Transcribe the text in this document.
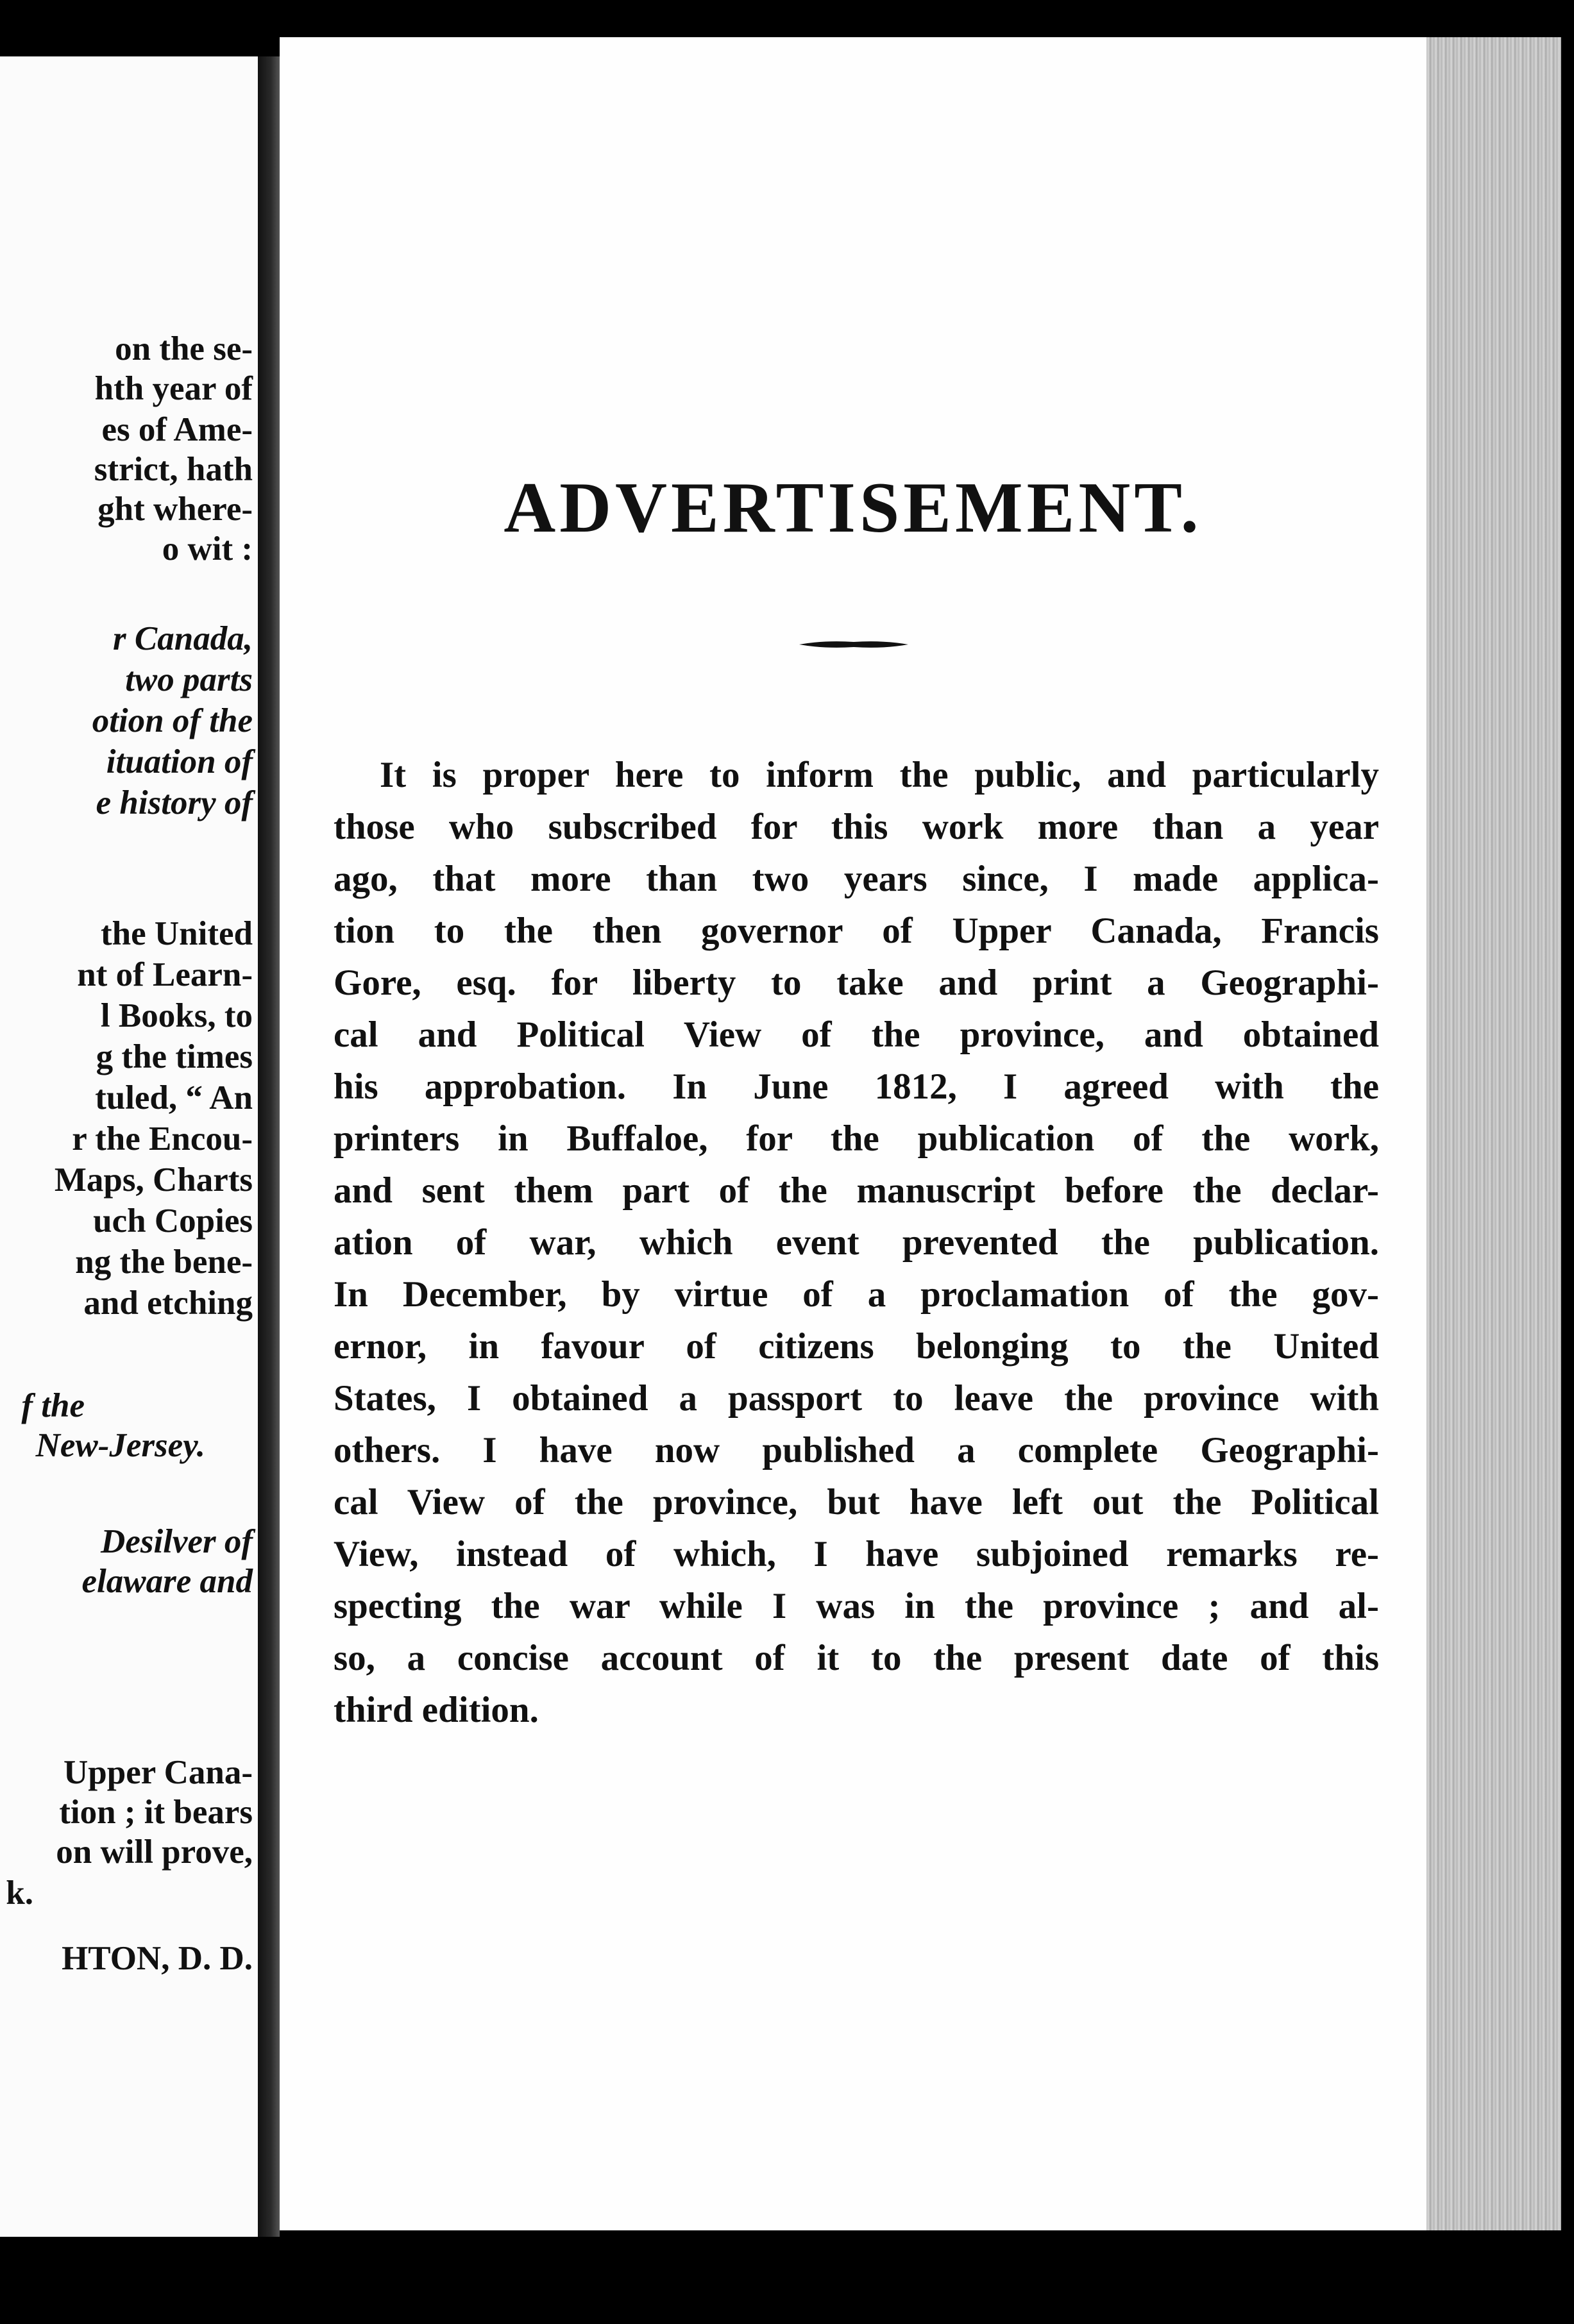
on the se-
hth year of
es of Ame-
strict, hath
ght where-
o wit :
r Canada,
two parts
otion of the
ituation of
e history of
the United
nt of Learn-
l Books, to
g the times
tuled, “ An
r the Encou-
Maps, Charts
uch Copies
ng the bene-
and etching
f the
New-Jersey.
Desilver of
elaware and
Upper Cana-
tion ; it bears
on will prove,
k.
HTON, D. D.
ADVERTISEMENT.
It is proper here to inform the public, and particularly
those who subscribed for this work more than a year
ago, that more than two years since, I made applica-
tion to the then governor of Upper Canada, Francis
Gore, esq. for liberty to take and print a Geographi-
cal and Political View of the province, and obtained
his approbation. In June 1812, I agreed with the
printers in Buffaloe, for the publication of the work,
and sent them part of the manuscript before the declar-
ation of war, which event prevented the publication.
In December, by virtue of a proclamation of the gov-
ernor, in favour of citizens belonging to the United
States, I obtained a passport to leave the province with
others. I have now published a complete Geographi-
cal View of the province, but have left out the Political
View, instead of which, I have subjoined remarks re-
specting the war while I was in the province ; and al-
so, a concise account of it to the present date of this
third edition.
